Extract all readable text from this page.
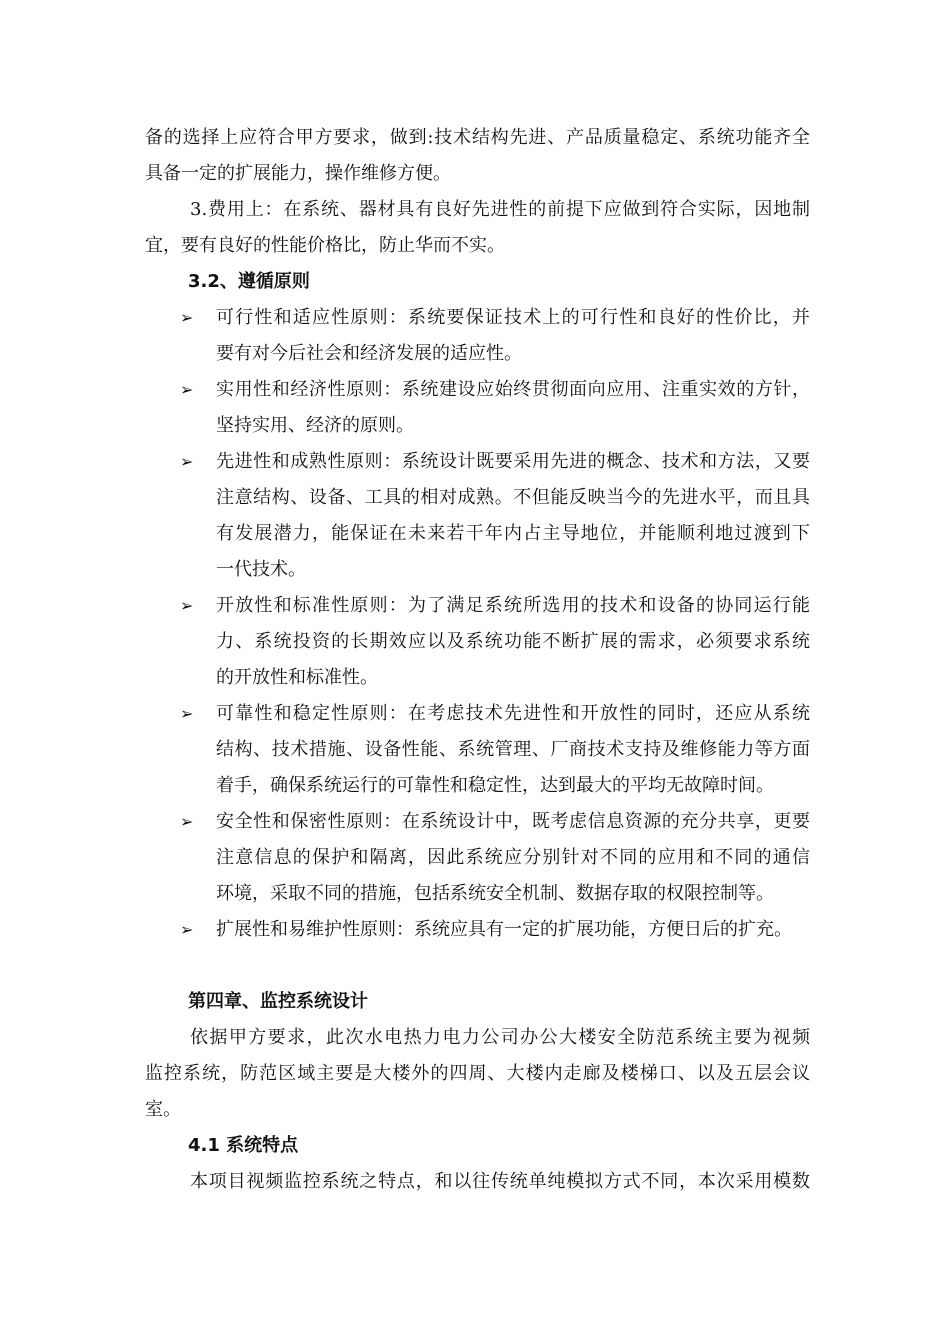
备的选择上应符合甲方要求，做到:技术结构先进、产品质量稳定、系统功能齐全
具备一定的扩展能力，操作维修方便。
3.费用上：在系统、器材具有良好先进性的前提下应做到符合实际，因地制
宜，要有良好的性能价格比，防止华而不实。
3.2、遵循原则
➢	可行性和适应性原则：系统要保证技术上的可行性和良好的性价比，并
要有对今后社会和经济发展的适应性。
➢	实用性和经济性原则：系统建设应始终贯彻面向应用、注重实效的方针，
坚持实用、经济的原则。
➢	先进性和成熟性原则：系统设计既要采用先进的概念、技术和方法，又要
注意结构、设备、工具的相对成熟。不但能反映当今的先进水平，而且具
有发展潜力，能保证在未来若干年内占主导地位，并能顺利地过渡到下
一代技术。
➢	开放性和标准性原则：为了满足系统所选用的技术和设备的协同运行能
力、系统投资的长期效应以及系统功能不断扩展的需求，必须要求系统
的开放性和标准性。
➢	可靠性和稳定性原则：在考虑技术先进性和开放性的同时，还应从系统
结构、技术措施、设备性能、系统管理、厂商技术支持及维修能力等方面
着手，确保系统运行的可靠性和稳定性，达到最大的平均无故障时间。
➢	安全性和保密性原则：在系统设计中，既考虑信息资源的充分共享，更要
注意信息的保护和隔离，因此系统应分别针对不同的应用和不同的通信
环境，采取不同的措施，包括系统安全机制、数据存取的权限控制等。
➢	扩展性和易维护性原则：系统应具有一定的扩展功能，方便日后的扩充。
第四章、监控系统设计
依据甲方要求，此次水电热力电力公司办公大楼安全防范系统主要为视频
监控系统，防范区域主要是大楼外的四周、大楼内走廊及楼梯口、以及五层会议
室。
4.1 系统特点
本项目视频监控系统之特点，和以往传统单纯模拟方式不同，本次采用模数
